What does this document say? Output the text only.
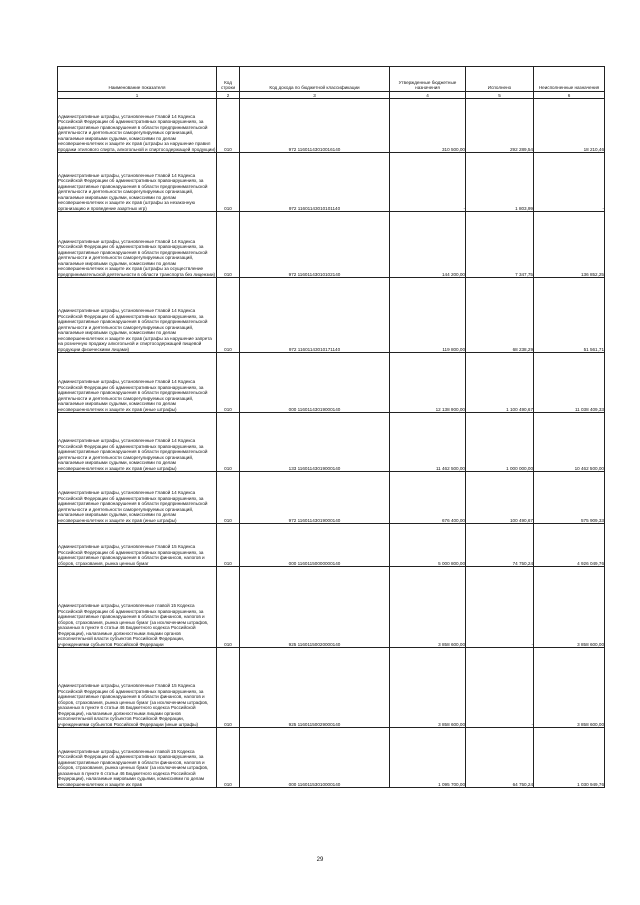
Наименование показателя	Код строки	Код дохода по бюджетной классификации	Утвержденные бюджетные назначения	Исполнено	Неисполненные назначения
1	2	3	4	5	6
Административные штрафы, установленные Главой 14 Кодекса Российской Федерации об административных правонарушениях, за административные правонарушения в области предпринимательской деятельности и деятельности саморегулируемых организаций, налагаемые мировыми судьями, комиссиями по делам несовершеннолетних и защите их прав (штрафы за нарушение правил продажи этилового спирта, алкогольной и спиртосодержащей продукции)	010	972 11601143010016140	310 500,00	292 289,54	18 210,46
Административные штрафы, установленные Главой 14 Кодекса Российской Федерации об административных правонарушениях, за административные правонарушения в области предпринимательской деятельности и деятельности саморегулируемых организаций, налагаемые мировыми судьями, комиссиями по делам несовершеннолетних и защите их прав (штрафы за незаконную организацию и проведение азартных игр)	010	972 11601143010101140	-	1 803,99	-
Административные штрафы, установленные Главой 14 Кодекса Российской Федерации об административных правонарушениях, за административные правонарушения в области предпринимательской деятельности и деятельности саморегулируемых организаций, налагаемые мировыми судьями, комиссиями по делам несовершеннолетних и защите их прав (штрафы за осуществление предпринимательской деятельности в области транспорта без лицензии)	010	972 11601143010102140	144 200,00	7 347,75	136 852,25
Административные штрафы, установленные Главой 14 Кодекса Российской Федерации об административных правонарушениях, за административные правонарушения в области предпринимательской деятельности и деятельности саморегулируемых организаций, налагаемые мировыми судьями, комиссиями по делам несовершеннолетних и защите их прав (штрафы за нарушение запрета на розничную продажу алкогольной и спиртосодержащей пищевой продукции физическими лицами)	010	972 11601143010171140	119 800,00	68 238,29	51 561,71
Административные штрафы, установленные Главой 14 Кодекса Российской Федерации об административных правонарушениях, за административные правонарушения в области предпринимательской деятельности и деятельности саморегулируемых организаций, налагаемые мировыми судьями, комиссиями по делам несовершеннолетних и защите их прав (иные штрафы)	010	000 11601143019000140	12 138 900,00	1 100 490,67	11 038 409,33
Административные штрафы, установленные Главой 14 Кодекса Российской Федерации об административных правонарушениях, за административные правонарушения в области предпринимательской деятельности и деятельности саморегулируемых организаций, налагаемые мировыми судьями, комиссиями по делам несовершеннолетних и защите их прав (иные штрафы)	010	133 11601143019000140	11 462 500,00	1 000 000,00	10 462 500,00
Административные штрафы, установленные Главой 14 Кодекса Российской Федерации об административных правонарушениях, за административные правонарушения в области предпринимательской деятельности и деятельности саморегулируемых организаций, налагаемые мировыми судьями, комиссиями по делам несовершеннолетних и защите их прав (иные штрафы)	010	972 11601143019000140	676 400,00	100 490,67	575 909,33
Административные штрафы, установленные Главой 15 Кодекса Российской Федерации об административных правонарушениях, за административные правонарушения в области финансов, налогов и сборов, страхования, рынка ценных бумаг	010	000 11601150000000140	5 000 800,00	74 750,24	4 926 049,76
Административные штрафы, установленные главой 15 Кодекса Российской Федерации об административных правонарушениях, за административные правонарушения в области финансов, налогов и сборов, страхования, рынка ценных бумаг (за исключением штрафов, указанных в пункте 6 статьи 46 Бюджетного кодекса Российской Федерации), налагаемые должностными лицами органов исполнительной власти субъектов Российской Федерации, учреждениями субъектов Российской Федерации	010	925 11601150020000140	3 858 600,00	-	3 858 600,00
Административные штрафы, установленные Главой 15 Кодекса Российской Федерации об административных правонарушениях, за административные правонарушения в области финансов, налогов и сборов, страхования, рынка ценных бумаг (за исключением штрафов, указанных в пункте 6 статьи 46 Бюджетного кодекса Российской Федерации), налагаемые должностными лицами органов исполнительной власти субъектов Российской Федерации, учреждениями субъектов Российской Федерации (иные штрафы)	010	925 11601150029000140	3 858 600,00	-	3 858 600,00
Административные штрафы, установленные главой 15 Кодекса Российской Федерации об административных правонарушениях, за административные правонарушения в области финансов, налогов и сборов, страхования, рынка ценных бумаг (за исключением штрафов, указанных в пункте 6 статьи 46 Бюджетного кодекса Российской Федерации), налагаемые мировыми судьями, комиссиями по делам несовершеннолетних и защите их прав	010	000 11601153010000140	1 095 700,00	64 750,24	1 030 949,76
29
